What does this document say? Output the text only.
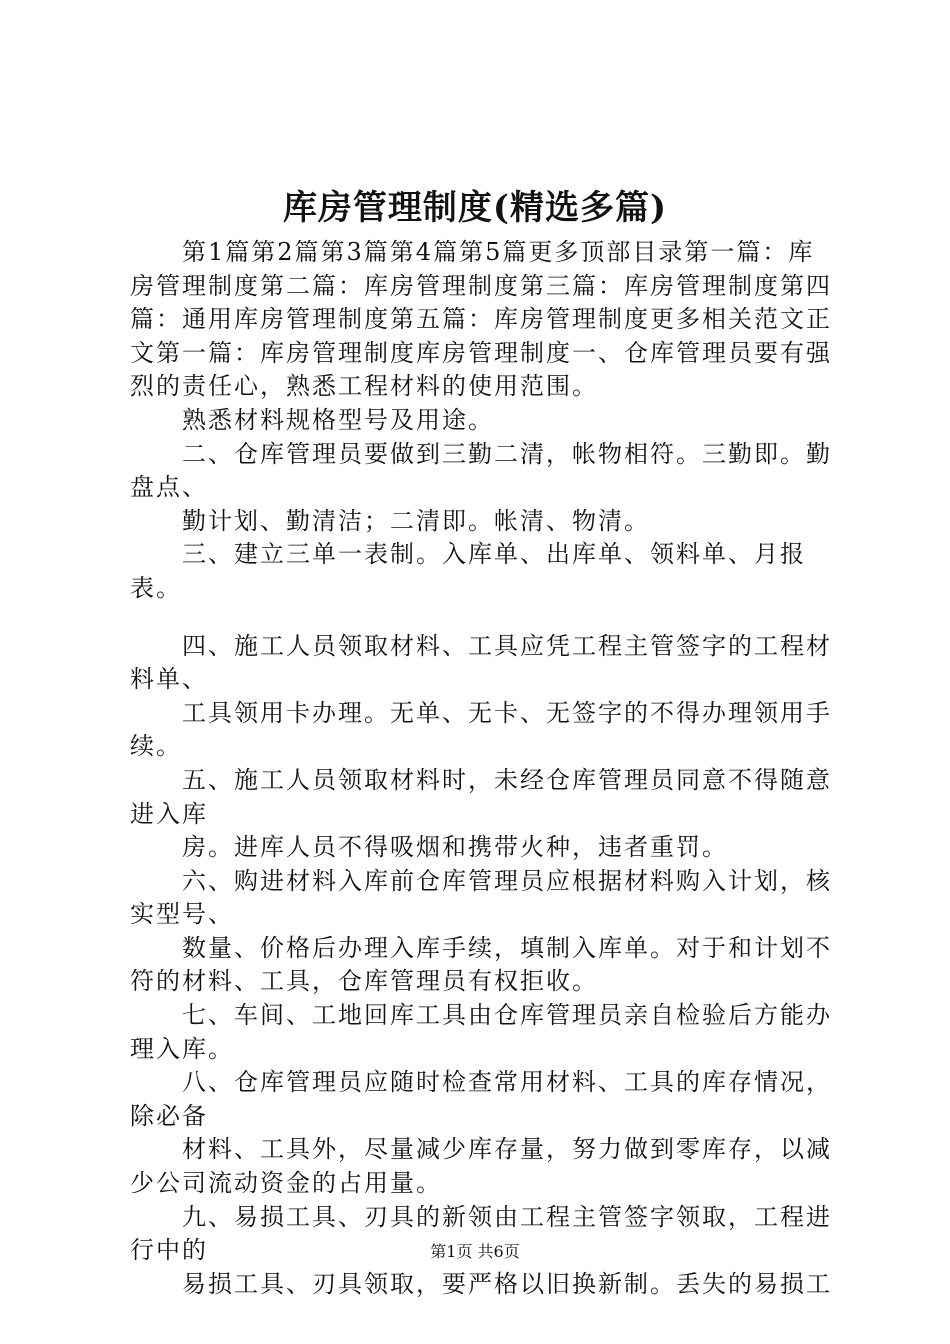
库房管理制度(精选多篇)

第1篇第2篇第3篇第4篇第5篇更多顶部目录第一篇：库房管理制度第二篇：库房管理制度第三篇：库房管理制度第四篇：通用库房管理制度第五篇：库房管理制度更多相关范文正文第一篇：库房管理制度库房管理制度一、仓库管理员要有强烈的责任心，熟悉工程材料的使用范围。

熟悉材料规格型号及用途。

二、仓库管理员要做到三勤二清，帐物相符。三勤即。勤盘点、

勤计划、勤清洁；二清即。帐清、物清。

三、建立三单一表制。入库单、出库单、领料单、月报表。

四、施工人员领取材料、工具应凭工程主管签字的工程材料单、

工具领用卡办理。无单、无卡、无签字的不得办理领用手续。

五、施工人员领取材料时，未经仓库管理员同意不得随意进入库

房。进库人员不得吸烟和携带火种，违者重罚。

六、购进材料入库前仓库管理员应根据材料购入计划，核实型号、

数量、价格后办理入库手续，填制入库单。对于和计划不符的材料、工具，仓库管理员有权拒收。

七、车间、工地回库工具由仓库管理员亲自检验后方能办理入库。

八、仓库管理员应随时检查常用材料、工具的库存情况，除必备

材料、工具外，尽量减少库存量，努力做到零库存，以减少公司流动资金的占用量。

九、易损工具、刃具的新领由工程主管签字领取，工程进行中的

易损工具、刃具领取，要严格以旧换新制。丢失的易损工

第1页 共6页
